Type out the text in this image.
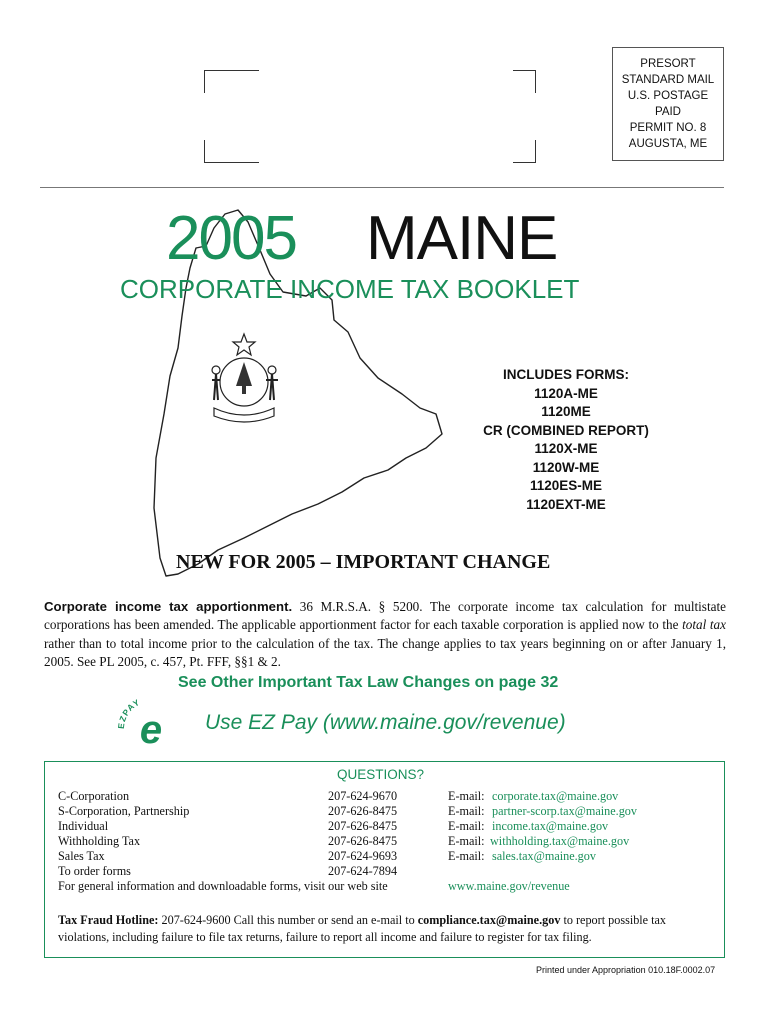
PRESORT
STANDARD MAIL
U.S. POSTAGE
PAID
PERMIT NO. 8
AUGUSTA, ME
2005 MAINE
CORPORATE INCOME TAX BOOKLET
INCLUDES FORMS:
1120A-ME
1120ME
CR (COMBINED REPORT)
1120X-ME
1120W-ME
1120ES-ME
1120EXT-ME
NEW FOR 2005 – IMPORTANT CHANGE
Corporate income tax apportionment. 36 M.R.S.A. § 5200. The corporate income tax calculation for multistate corporations has been amended. The applicable apportionment factor for each taxable corporation is applied now to the total tax rather than to total income prior to the calculation of the tax. The change applies to tax years beginning on or after January 1, 2005. See PL 2005, c. 457, Pt. FFF, §§1 & 2.
See Other Important Tax Law Changes on page 32
EZPAY
e Use EZ Pay (www.maine.gov/revenue)
QUESTIONS?
C-Corporation	207-624-9670	E-mail: corporate.tax@maine.gov
S-Corporation, Partnership	207-626-8475	E-mail: partner-scorp.tax@maine.gov
Individual	207-626-8475	E-mail: income.tax@maine.gov
Withholding Tax	207-626-8475	E-mail: withholding.tax@maine.gov
Sales Tax	207-624-9693	E-mail: sales.tax@maine.gov
To order forms	207-624-7894
For general information and downloadable forms, visit our web site	www.maine.gov/revenue
Tax Fraud Hotline: 207-624-9600 Call this number or send an e-mail to compliance.tax@maine.gov to report possible tax violations, including failure to file tax returns, failure to report all income and failure to register for tax filing.
Printed under Appropriation 010.18F.0002.07
